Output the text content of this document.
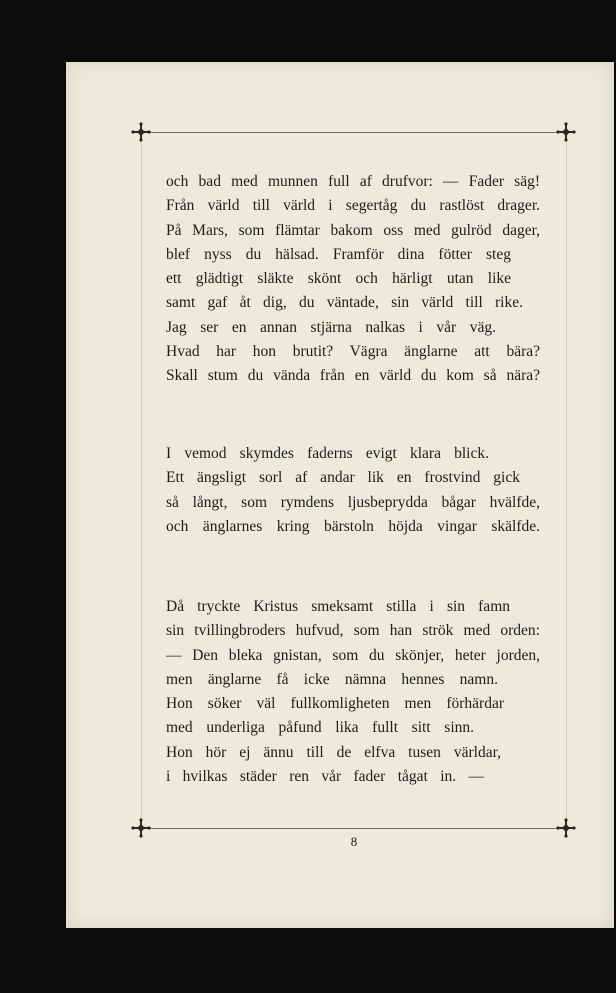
och bad med munnen full af drufvor: — Fader säg!
Från värld till värld i segertåg du rastlöst drager.
På Mars, som flämtar bakom oss med gulröd dager,
blef nyss du hälsad. Framför dina fötter steg
ett glädtigt släkte skönt och härligt utan like
samt gaf åt dig, du väntade, sin värld till rike.
Jag ser en annan stjärna nalkas i vår väg.
Hvad har hon brutit? Vägra änglarne att bära?
Skall stum du vända från en värld du kom så nära?
I vemod skymdes faderns evigt klara blick.
Ett ängsligt sorl af andar lik en frostvind gick
så långt, som rymdens ljusbeprydda bågar hvälfde,
och änglarnes kring bärstoln höjda vingar skälfde.
Då tryckte Kristus smeksamt stilla i sin famn
sin tvillingbroders hufvud, som han strök med orden:
— Den bleka gnistan, som du skönjer, heter jorden,
men änglarne få icke nämna hennes namn.
Hon söker väl fullkomligheten men förhärdar
med underliga påfund lika fullt sitt sinn.
Hon hör ej ännu till de elfva tusen världar,
i hvilkas städer ren vår fader tågat in. —
8
